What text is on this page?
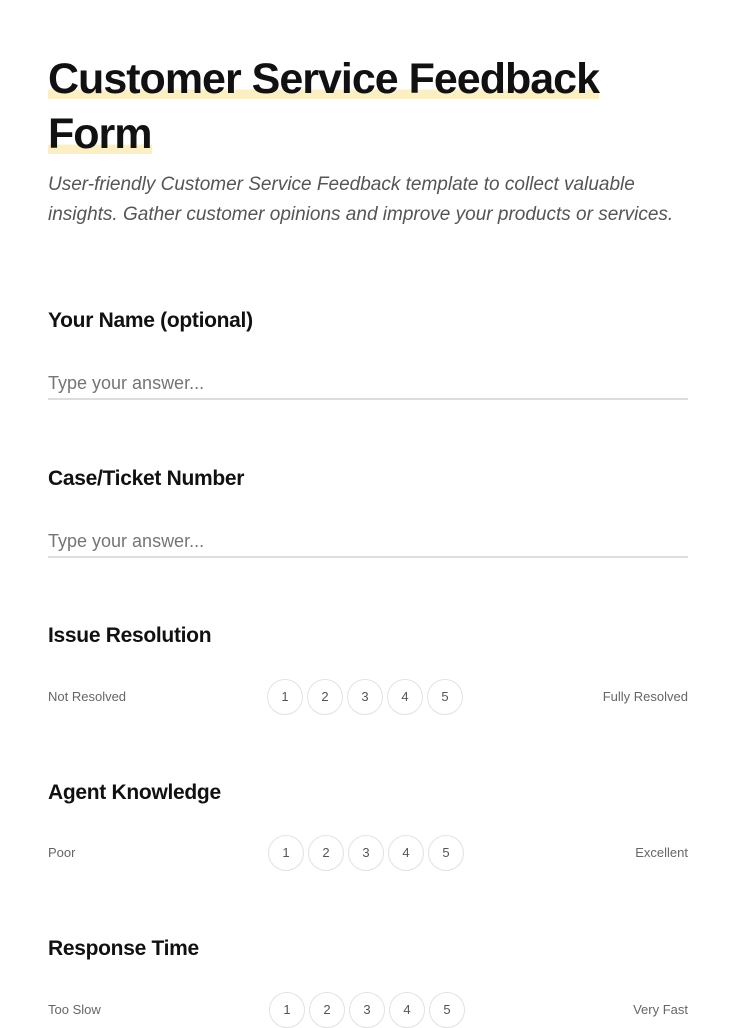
Customer Service Feedback Form

User-friendly Customer Service Feedback template to collect valuable insights. Gather customer opinions and improve your products or services.

Your Name (optional)
Type your answer...
Case/Ticket Number
Type your answer...
Issue Resolution
Not Resolved	1	2	3	4	5	Fully Resolved
Agent Knowledge
Poor	1	2	3	4	5	Excellent
Response Time
Too Slow	1	2	3	4	5	Very Fast
